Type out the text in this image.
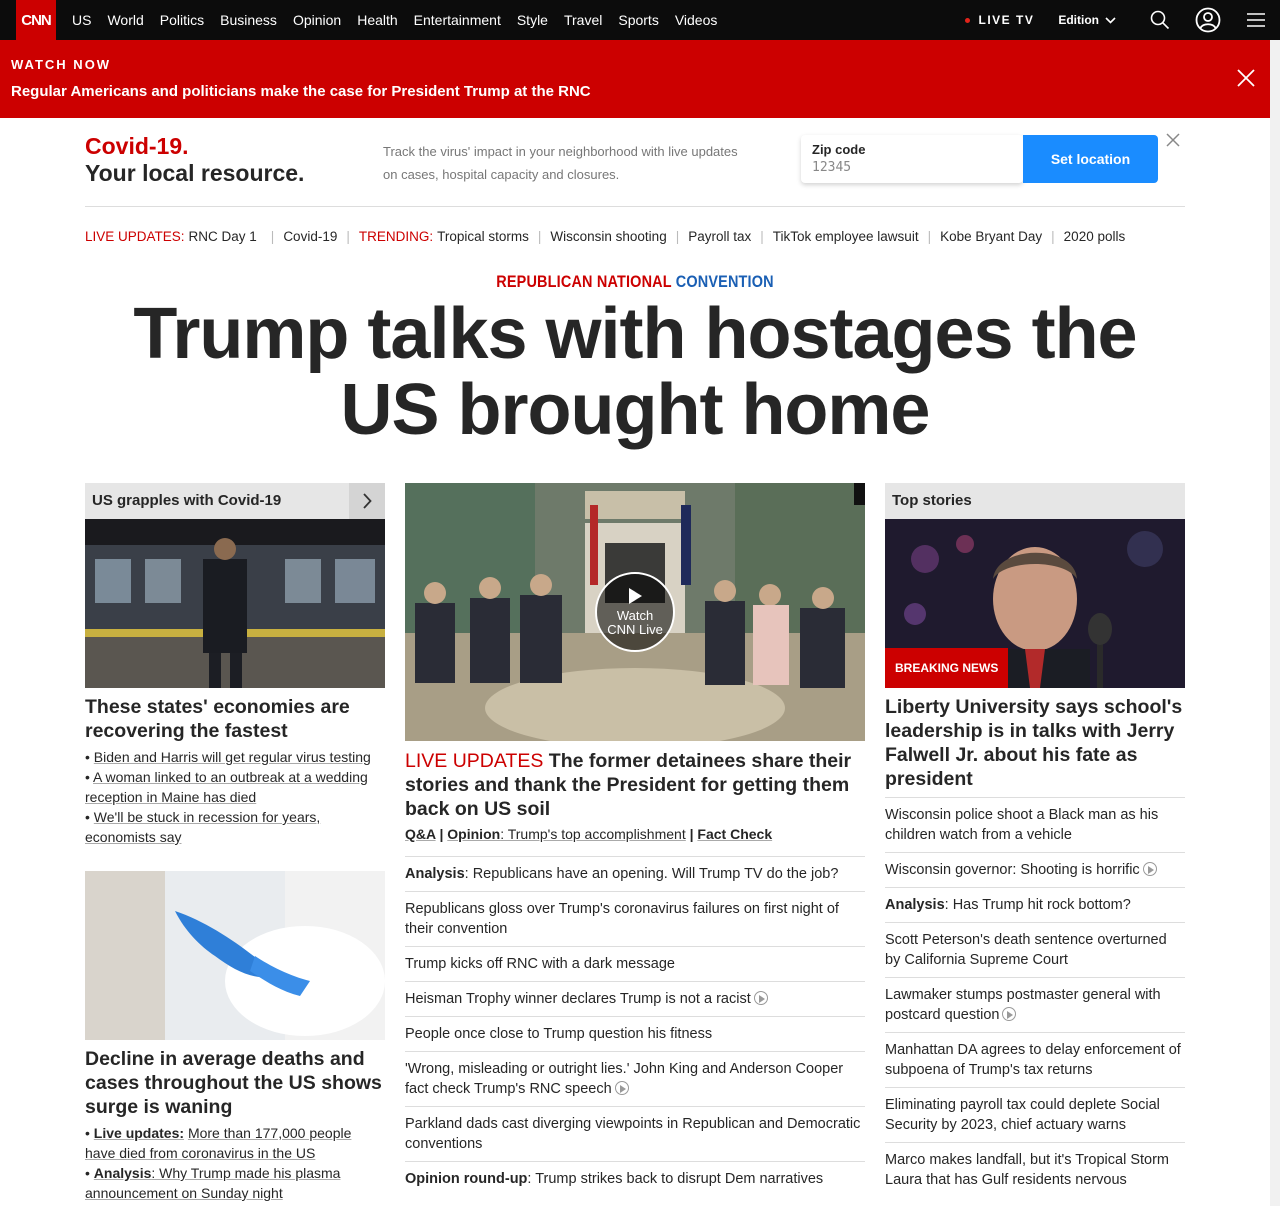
CNN	US	World	Politics	Business	Opinion	Health	Entertainment	Style	Travel	Sports	Videos	LIVE TV Edition
WATCH NOW
Regular Americans and politicians make the case for President Trump at the RNC
Covid-19.
Your local resource.
Track the virus' impact in your neighborhood with live updates on cases, hospital capacity and closures.
Zip code
12345
Set location
LIVE UPDATES: RNC Day 1 | Covid-19 | TRENDING: Tropical storms | Wisconsin shooting | Payroll tax | TikTok employee lawsuit | Kobe Bryant Day | 2020 polls
REPUBLICAN NATIONAL CONVENTION
Trump talks with hostages the
US brought home
US grapples with Covid-19
These states' economies are recovering the fastest
• Biden and Harris will get regular virus testing
• A woman linked to an outbreak at a wedding reception in Maine has died
• We'll be stuck in recession for years, economists say
Decline in average deaths and cases throughout the US shows surge is waning
• Live updates: More than 177,000 people have died from coronavirus in the US
• Analysis: Why Trump made his plasma announcement on Sunday night
Watch
CNN Live
LIVE UPDATES The former detainees share their stories and thank the President for getting them back on US soil
Q&A | Opinion: Trump's top accomplishment | Fact Check
Analysis: Republicans have an opening. Will Trump TV do the job?
Republicans gloss over Trump's coronavirus failures on first night of their convention
Trump kicks off RNC with a dark message
Heisman Trophy winner declares Trump is not a racist
People once close to Trump question his fitness
'Wrong, misleading or outright lies.' John King and Anderson Cooper fact check Trump's RNC speech
Parkland dads cast diverging viewpoints in Republican and Democratic conventions
Opinion round-up: Trump strikes back to disrupt Dem narratives
Top stories
BREAKING NEWS
Liberty University says school's leadership is in talks with Jerry Falwell Jr. about his fate as president
Wisconsin police shoot a Black man as his children watch from a vehicle
Wisconsin governor: Shooting is horrific
Analysis: Has Trump hit rock bottom?
Scott Peterson's death sentence overturned by California Supreme Court
Lawmaker stumps postmaster general with postcard question
Manhattan DA agrees to delay enforcement of subpoena of Trump's tax returns
Eliminating payroll tax could deplete Social Security by 2023, chief actuary warns
Marco makes landfall, but it's Tropical Storm Laura that has Gulf residents nervous
